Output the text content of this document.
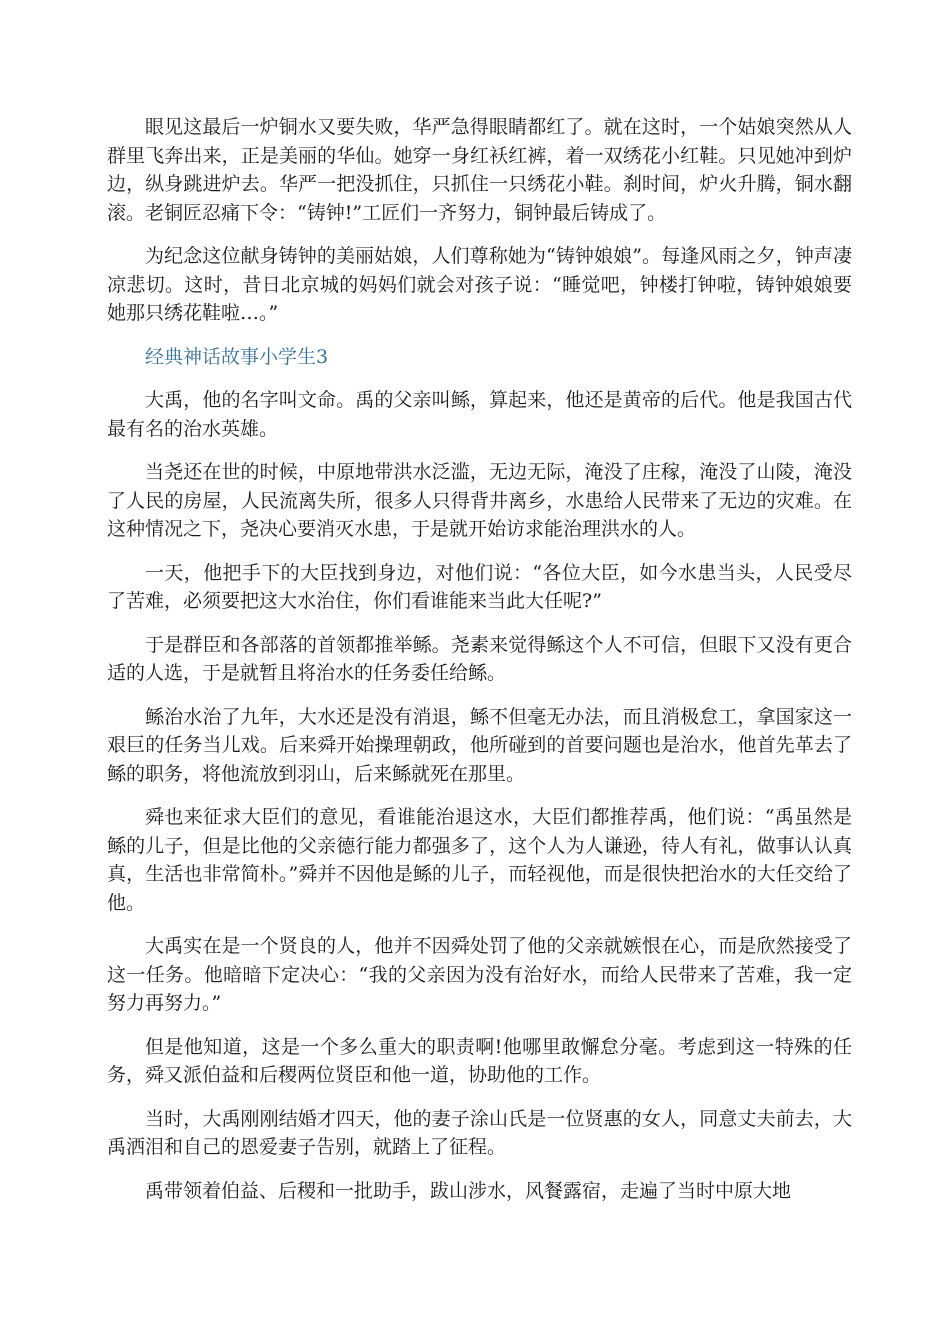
眼见这最后一炉铜水又要失败，华严急得眼睛都红了。就在这时，一个姑娘突然从人群里飞奔出来，正是美丽的华仙。她穿一身红袄红裤，着一双绣花小红鞋。只见她冲到炉边，纵身跳进炉去。华严一把没抓住，只抓住一只绣花小鞋。刹时间，炉火升腾，铜水翻滚。老铜匠忍痛下令：“铸钟!”工匠们一齐努力，铜钟最后铸成了。

为纪念这位献身铸钟的美丽姑娘，人们尊称她为“铸钟娘娘”。每逢风雨之夕，钟声凄凉悲切。这时，昔日北京城的妈妈们就会对孩子说：“睡觉吧，钟楼打钟啦，铸钟娘娘要她那只绣花鞋啦…。”

经典神话故事小学生3

大禹，他的名字叫文命。禹的父亲叫鲧，算起来，他还是黄帝的后代。他是我国古代最有名的治水英雄。

当尧还在世的时候，中原地带洪水泛滥，无边无际，淹没了庄稼，淹没了山陵，淹没了人民的房屋，人民流离失所，很多人只得背井离乡，水患给人民带来了无边的灾难。在这种情况之下，尧决心要消灭水患，于是就开始访求能治理洪水的人。

一天，他把手下的大臣找到身边，对他们说：“各位大臣，如今水患当头，人民受尽了苦难，必须要把这大水治住，你们看谁能来当此大任呢?”

于是群臣和各部落的首领都推举鲧。尧素来觉得鲧这个人不可信，但眼下又没有更合适的人选，于是就暂且将治水的任务委任给鲧。

鲧治水治了九年，大水还是没有消退，鲧不但毫无办法，而且消极怠工，拿国家这一艰巨的任务当儿戏。后来舜开始操理朝政，他所碰到的首要问题也是治水，他首先革去了鲧的职务，将他流放到羽山，后来鲧就死在那里。

舜也来征求大臣们的意见，看谁能治退这水，大臣们都推荐禹，他们说：“禹虽然是鲧的儿子，但是比他的父亲德行能力都强多了，这个人为人谦逊，待人有礼，做事认认真真，生活也非常简朴。”舜并不因他是鲧的儿子，而轻视他，而是很快把治水的大任交给了他。

大禹实在是一个贤良的人，他并不因舜处罚了他的父亲就嫉恨在心，而是欣然接受了这一任务。他暗暗下定决心：“我的父亲因为没有治好水，而给人民带来了苦难，我一定努力再努力。”

但是他知道，这是一个多么重大的职责啊!他哪里敢懈怠分毫。考虑到这一特殊的任务，舜又派伯益和后稷两位贤臣和他一道，协助他的工作。

当时，大禹刚刚结婚才四天，他的妻子涂山氏是一位贤惠的女人，同意丈夫前去，大禹洒泪和自己的恩爱妻子告别，就踏上了征程。

禹带领着伯益、后稷和一批助手，跋山涉水，风餐露宿，走遍了当时中原大地
